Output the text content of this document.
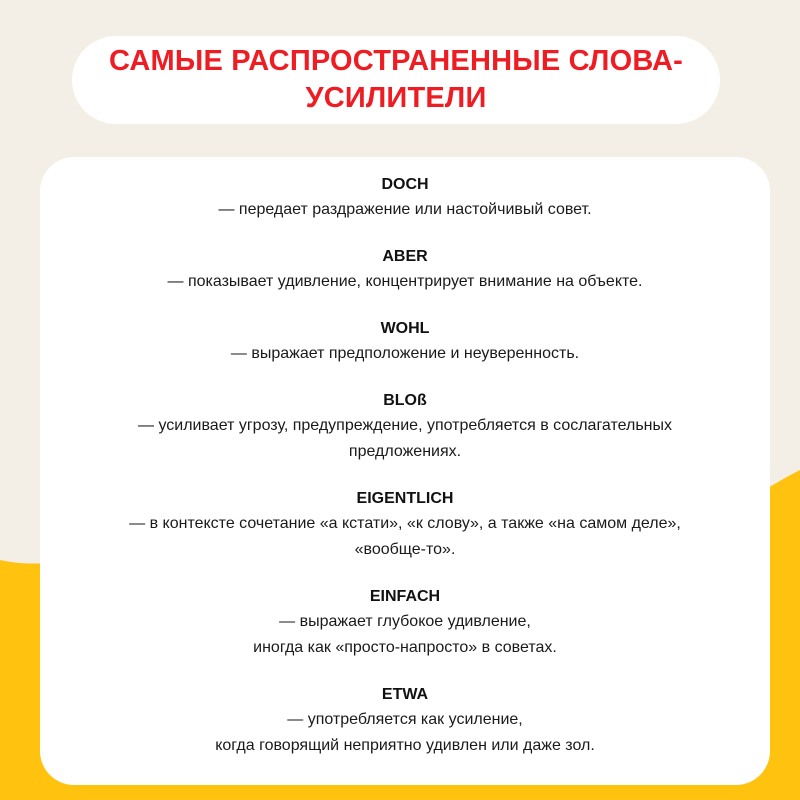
САМЫЕ РАСПРОСТРАНЕННЫЕ СЛОВА-
УСИЛИТЕЛИ
DOCH
— передает раздражение или настойчивый совет.
ABER
— показывает удивление, концентрирует внимание на объекте.
WOHL
— выражает предположение и неуверенность.
BLOß
— усиливает угрозу, предупреждение, употребляется в сослагательных
предложениях.
EIGENTLICH
— в контексте сочетание «а кстати», «к слову», а также «на самом деле»,
«вообще-то».
EINFACH
— выражает глубокое удивление,
иногда как «просто-напросто» в советах.
ETWA
— употребляется как усиление,
когда говорящий неприятно удивлен или даже зол.
